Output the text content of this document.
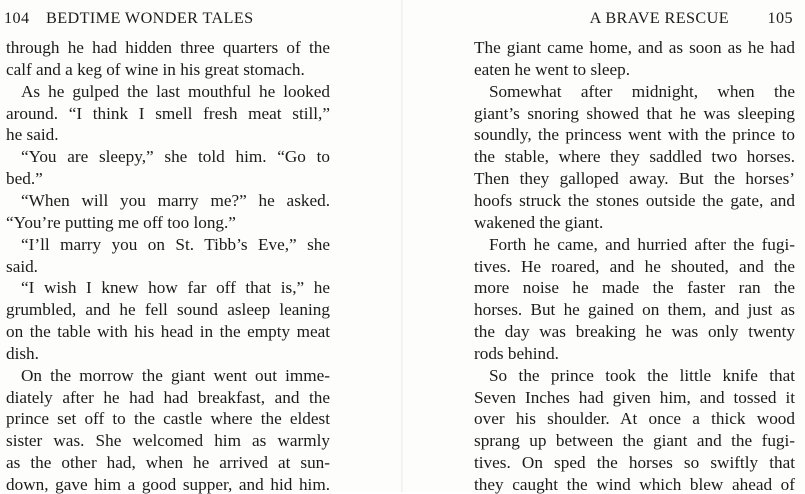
104 BEDTIME WONDER TALES
through he had hidden three quarters of the
calf and a keg of wine in his great stomach.
As he gulped the last mouthful he looked
around. “I think I smell fresh meat still,”
he said.
“You are sleepy,” she told him. “Go to
bed.”
“When will you marry me?” he asked.
“You’re putting me off too long.”
“I’ll marry you on St. Tibb’s Eve,” she
said.
“I wish I knew how far off that is,” he
grumbled, and he fell sound asleep leaning
on the table with his head in the empty meat
dish.
On the morrow the giant went out imme-
diately after he had had breakfast, and the
prince set off to the castle where the eldest
sister was. She welcomed him as warmly
as the other had, when he arrived at sun-
down, gave him a good supper, and hid him.
A BRAVE RESCUE 105
The giant came home, and as soon as he had
eaten he went to sleep.
Somewhat after midnight, when the
giant’s snoring showed that he was sleeping
soundly, the princess went with the prince to
the stable, where they saddled two horses.
Then they galloped away. But the horses’
hoofs struck the stones outside the gate, and
wakened the giant.
Forth he came, and hurried after the fugi-
tives. He roared, and he shouted, and the
more noise he made the faster ran the
horses. But he gained on them, and just as
the day was breaking he was only twenty
rods behind.
So the prince took the little knife that
Seven Inches had given him, and tossed it
over his shoulder. At once a thick wood
sprang up between the giant and the fugi-
tives. On sped the horses so swiftly that
they caught the wind which blew ahead of
